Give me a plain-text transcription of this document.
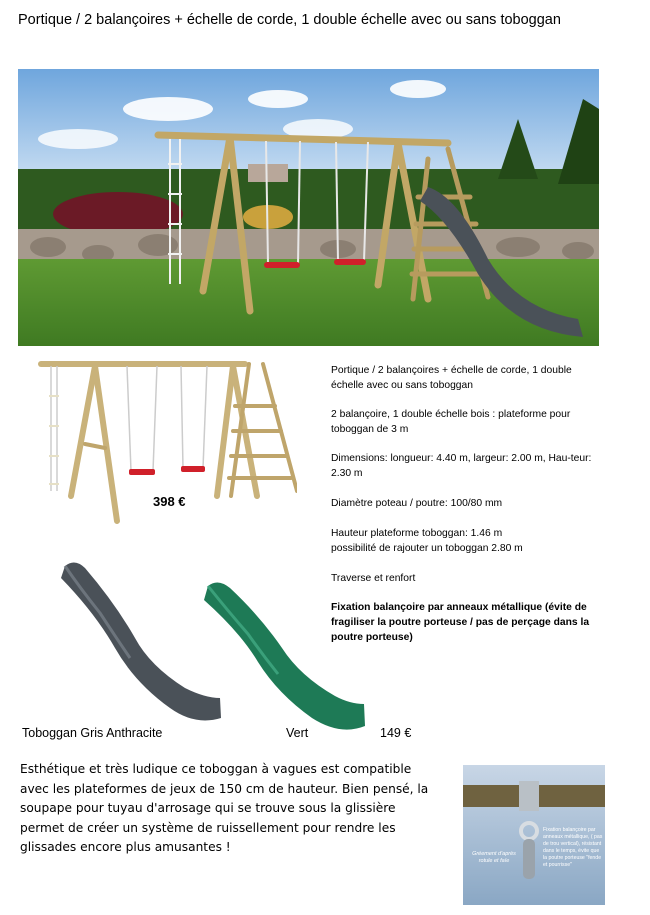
Portique / 2 balançoires + échelle de corde, 1 double échelle avec ou sans toboggan
398 €
Portique / 2 balançoires + échelle de corde, 1 double échelle avec ou sans toboggan
2 balançoire, 1 double échelle bois : plateforme pour toboggan de 3 m
Dimensions: longueur: 4.40 m, largeur: 2.00 m, Hau-teur: 2.30 m
Diamètre poteau / poutre: 100/80 mm
Hauteur plateforme toboggan: 1.46 m
possibilité de rajouter un toboggan 2.80 m
Traverse et renfort
Fixation balançoire par anneaux métallique (évite de fragiliser la poutre porteuse / pas de perçage dans la poutre porteuse)
Toboggan Gris Anthracite	Vert	149 €
Esthétique et très ludique ce toboggan à vagues est compatible avec les plateformes de jeux de 150 cm de hauteur. Bien pensé, la soupape pour tuyau d'arrosage qui se trouve sous la glissière permet de créer un système de ruissellement pour rendre les glissades encore plus amusantes !	Gréement d'après rotule et faïe
Fixation balançoire par anneaux métallique, ( pas de trou vertical), résistant dans le temps, évite que la poutre porteuse "fende et pourrisse"
